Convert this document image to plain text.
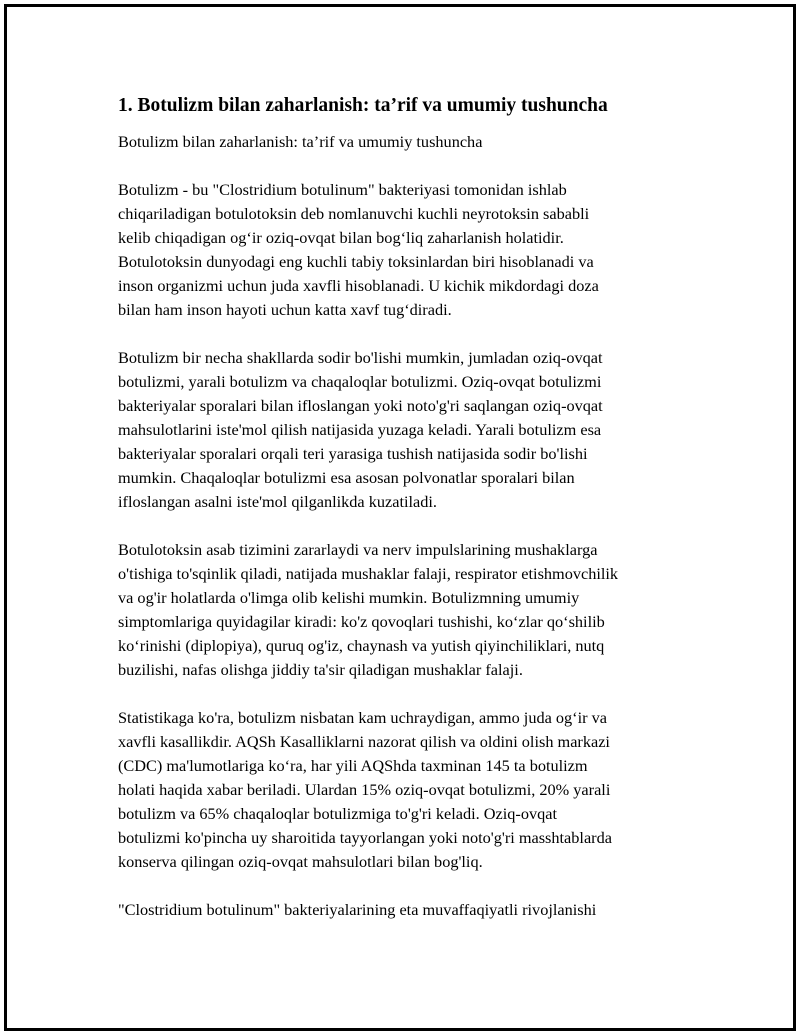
1. Botulizm bilan zaharlanish: ta’rif va umumiy tushuncha
Botulizm bilan zaharlanish: ta’rif va umumiy tushuncha
Botulizm - bu "Clostridium botulinum" bakteriyasi tomonidan ishlab
chiqariladigan botulotoksin deb nomlanuvchi kuchli neyrotoksin sababli
kelib chiqadigan og‘ir oziq-ovqat bilan bog‘liq zaharlanish holatidir.
Botulotoksin dunyodagi eng kuchli tabiy toksinlardan biri hisoblanadi va
inson organizmi uchun juda xavfli hisoblanadi. U kichik mikdordagi doza
bilan ham inson hayoti uchun katta xavf tug‘diradi.
Botulizm bir necha shakllarda sodir bo'lishi mumkin, jumladan oziq-ovqat
botulizmi, yarali botulizm va chaqaloqlar botulizmi. Oziq-ovqat botulizmi
bakteriyalar sporalari bilan ifloslangan yoki noto'g'ri saqlangan oziq-ovqat
mahsulotlarini iste'mol qilish natijasida yuzaga keladi. Yarali botulizm esa
bakteriyalar sporalari orqali teri yarasiga tushish natijasida sodir bo'lishi
mumkin. Chaqaloqlar botulizmi esa asosan polvonatlar sporalari bilan
ifloslangan asalni iste'mol qilganlikda kuzatiladi.
Botulotoksin asab tizimini zararlaydi va nerv impulslarining mushaklarga
o'tishiga to'sqinlik qiladi, natijada mushaklar falaji, respirator etishmovchilik
va og'ir holatlarda o'limga olib kelishi mumkin. Botulizmning umumiy
simptomlariga quyidagilar kiradi: ko'z qovoqlari tushishi, ko‘zlar qo‘shilib
ko‘rinishi (diplopiya), quruq og'iz, chaynash va yutish qiyinchiliklari, nutq
buzilishi, nafas olishga jiddiy ta'sir qiladigan mushaklar falaji.
Statistikaga ko'ra, botulizm nisbatan kam uchraydigan, ammo juda og‘ir va
xavfli kasallikdir. AQSh Kasalliklarni nazorat qilish va oldini olish markazi
(CDC) ma'lumotlariga ko‘ra, har yili AQShda taxminan 145 ta botulizm
holati haqida xabar beriladi. Ulardan 15% oziq-ovqat botulizmi, 20% yarali
botulizm va 65% chaqaloqlar botulizmiga to'g'ri keladi. Oziq-ovqat
botulizmi ko'pincha uy sharoitida tayyorlangan yoki noto'g'ri masshtablarda
konserva qilingan oziq-ovqat mahsulotlari bilan bog'liq.
"Clostridium botulinum" bakteriyalarining eta muvaffaqiyatli rivojlanishi
